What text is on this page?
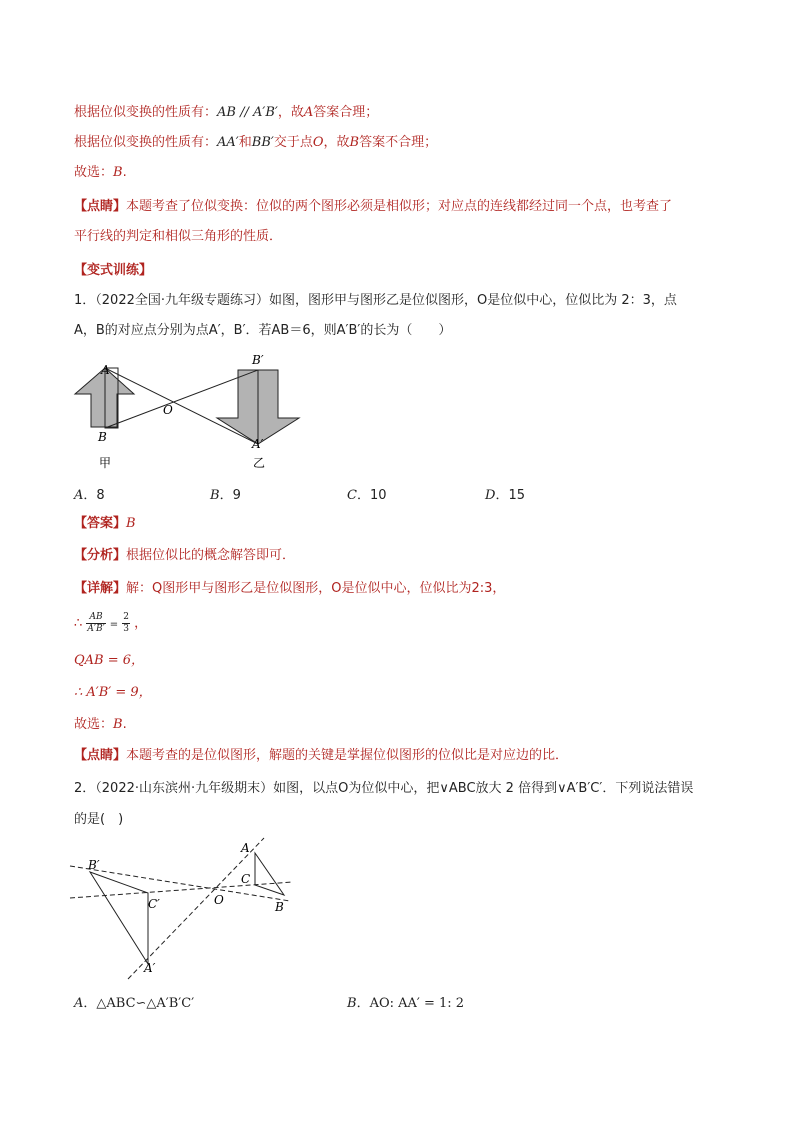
根据位似变换的性质有：AB // A′B′，故A答案合理；
根据位似变换的性质有：AA′和BB′交于点O，故B答案不合理；
故选：B.
【点睛】本题考查了位似变换：位似的两个图形必须是相似形；对应点的连线都经过同一个点，也考查了
平行线的判定和相似三角形的性质．
【变式训练】
1．（2022全国·九年级专题练习）如图，图形甲与图形乙是位似图形，O是位似中心，位似比为 2：3，点
A，B的对应点分别为点A′，B′．若AB＝6，则A′B′的长为（　　）
A
B
O
B′
A′
甲	乙
A．8	B．9	C．10	D．15
【答案】B
【分析】根据位似比的概念解答即可．
【详解】解：Q图形甲与图形乙是位似图形，O是位似中心，位似比为2:3，
∴ $\frac{AB}{A'B'} = \frac{2}{3}$ ，
QAB = 6，
∴ A′B′ = 9，
故选：B.
【点睛】本题考查的是位似图形，解题的关键是掌握位似图形的位似比是对应边的比．
2．（2022·山东滨州·九年级期末）如图，以点O为位似中心，把∨ABC放大 2 倍得到∨A′B′C′．下列说法错误
的是(　)
B′
C′
A′
O
A
C
B
A．△ABC∽△A′B′C′	B．AO: AA′ = 1: 2
